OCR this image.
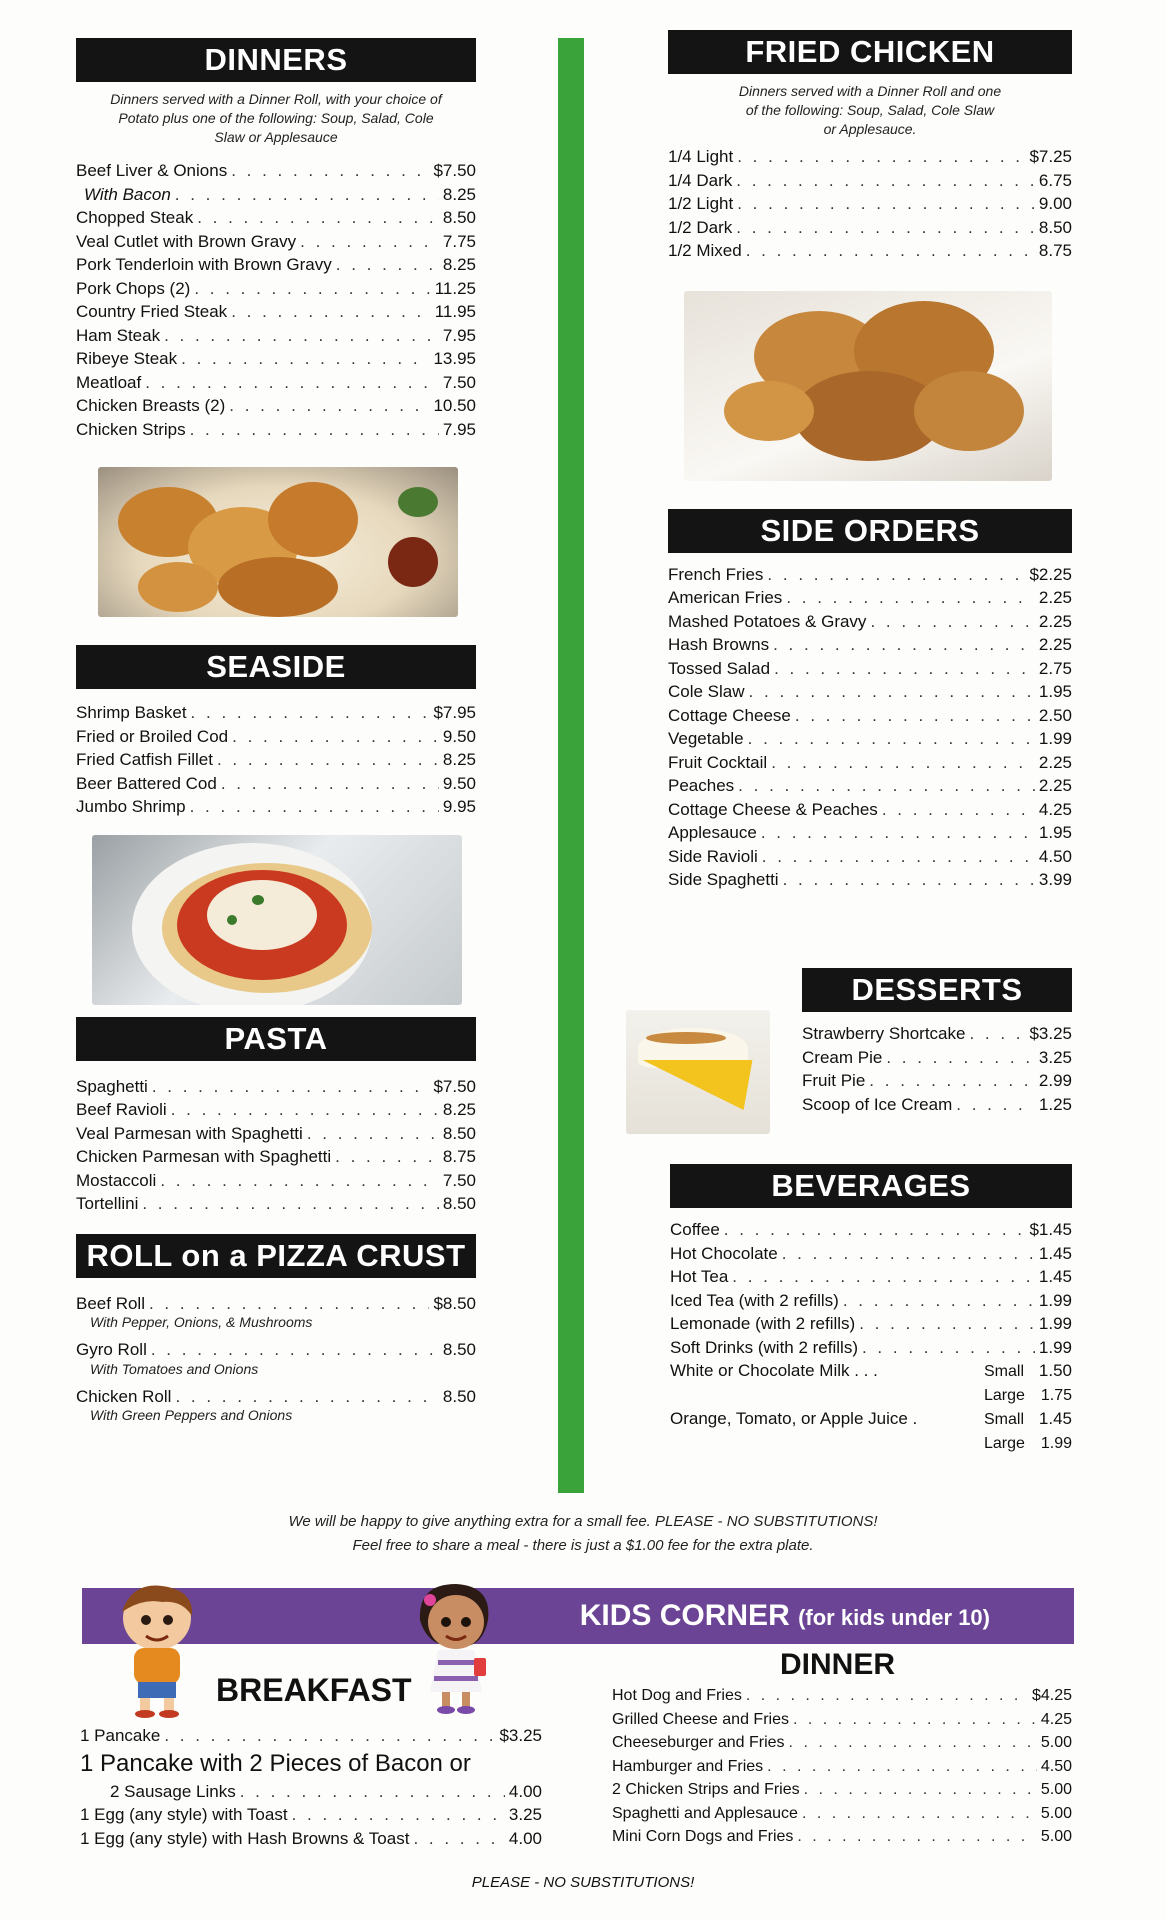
DINNERS
Dinners served with a Dinner Roll, with your choice of Potato plus one of the following: Soup, Salad, Cole Slaw or Applesauce
Beef Liver & Onions . . .	$7.50
With Bacon . . .	8.25
Chopped Steak . . .	8.50
Veal Cutlet with Brown Gravy . . .	7.75
Pork Tenderloin with Brown Gravy . . .	8.25
Pork Chops (2) . . .	11.25
Country Fried Steak . . .	11.95
Ham Steak . . .	7.95
Ribeye Steak . . .	13.95
Meatloaf . . .	7.50
Chicken Breasts (2) . . .	10.50
Chicken Strips . . .	7.95
SEASIDE
Shrimp Basket . . .	$7.95
Fried or Broiled Cod . . .	9.50
Fried Catfish Fillet . . .	8.25
Beer Battered Cod . . .	9.50
Jumbo Shrimp . . .	9.95
PASTA
Spaghetti . . .	$7.50
Beef Ravioli . . .	8.25
Veal Parmesan with Spaghetti . . .	8.50
Chicken Parmesan with Spaghetti . . .	8.75
Mostaccoli . . .	7.50
Tortellini . . .	8.50
ROLL on a PIZZA CRUST
Beef Roll . . .	$8.50
With Pepper, Onions, & Mushrooms
Gyro Roll . . .	8.50
With Tomatoes and Onions
Chicken Roll . . .	8.50
With Green Peppers and Onions
FRIED CHICKEN
Dinners served with a Dinner Roll and one of the following: Soup, Salad, Cole Slaw or Applesauce.
1/4 Light . . .	$7.25
1/4 Dark . . .	6.75
1/2 Light . . .	9.00
1/2 Dark . . .	8.50
1/2 Mixed . . .	8.75
SIDE ORDERS
French Fries . . .	$2.25
American Fries . . .	2.25
Mashed Potatoes & Gravy . . .	2.25
Hash Browns . . .	2.25
Tossed Salad . . .	2.75
Cole Slaw . . .	1.95
Cottage Cheese . . .	2.50
Vegetable . . .	1.99
Fruit Cocktail . . .	2.25
Peaches . . .	2.25
Cottage Cheese & Peaches . . .	4.25
Applesauce . . .	1.95
Side Ravioli . . .	4.50
Side Spaghetti . . .	3.99
DESSERTS
Strawberry Shortcake . . .	$3.25
Cream Pie . . .	3.25
Fruit Pie . . .	2.99
Scoop of Ice Cream . . .	1.25
BEVERAGES
Coffee . . .	$1.45
Hot Chocolate . . .	1.45
Hot Tea . . .	1.45
Iced Tea (with 2 refills) . . .	1.99
Lemonade (with 2 refills) . . .	1.99
Soft Drinks (with 2 refills) . . .	1.99
White or Chocolate Milk . . .	Small 1.50
Large 1.75
Orange, Tomato, or Apple Juice .	Small 1.45
Large 1.99
We will be happy to give anything extra for a small fee. PLEASE - NO SUBSTITUTIONS!
Feel free to share a meal - there is just a $1.00 fee for the extra plate.
KIDS CORNER (for kids under 10)
BREAKFAST
1 Pancake . . .	$3.25
1 Pancake with 2 Pieces of Bacon or
2 Sausage Links . . .	4.00
1 Egg (any style) with Toast . . .	3.25
1 Egg (any style) with Hash Browns & Toast . . .	4.00
DINNER
Hot Dog and Fries . . .	$4.25
Grilled Cheese and Fries . . .	4.25
Cheeseburger and Fries . . .	5.00
Hamburger and Fries . . .	4.50
2 Chicken Strips and Fries . . .	5.00
Spaghetti and Applesauce . . .	5.00
Mini Corn Dogs and Fries . . .	5.00
PLEASE - NO SUBSTITUTIONS!
